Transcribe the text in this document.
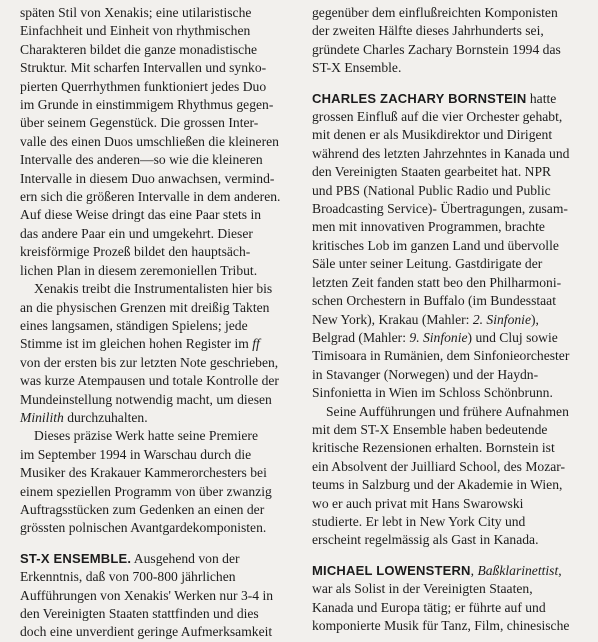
späten Stil von Xenakis; eine utilaristische
Einfachheit und Einheit von rhythmischen
Charakteren bildet die ganze monadistische
Struktur. Mit scharfen Intervallen und synko-
pierten Querrhythmen funktioniert jedes Duo
im Grunde in einstimmigem Rhythmus gegen-
über seinem Gegenstück. Die grossen Inter-
valle des einen Duos umschließen die kleineren
Intervalle des anderen—so wie die kleineren
Intervalle in diesem Duo anwachsen, vermind-
ern sich die größeren Intervalle in dem anderen.
Auf diese Weise dringt das eine Paar stets in
das andere Paar ein und umgekehrt. Dieser
kreisförmige Prozeß bildet den hauptsäch-
lichen Plan in diesem zeremoniellen Tribut.

Xenakis treibt die Instrumentalisten hier bis
an die physischen Grenzen mit dreißig Takten
eines langsamen, ständigen Spielens; jede
Stimme ist im gleichen hohen Register im ff
von der ersten bis zur letzten Note geschrieben,
was kurze Atempausen und totale Kontrolle der
Mundeinstellung notwendig macht, um diesen
Minilith durchzuhalten.

Dieses präzise Werk hatte seine Premiere
im September 1994 in Warschau durch die
Musiker des Krakauer Kammerorchesters bei
einem speziellen Programm von über zwanzig
Auftragsstücken zum Gedenken an einen der
grössten polnischen Avantgardekomponisten.

ST-X ENSEMBLE. Ausgehend von der
Erkenntnis, daß von 700-800 jährlichen
Aufführungen von Xenakis' Werken nur 3-4 in
den Vereinigten Staaten stattfinden und dies
doch eine unverdient geringe Aufmerksamkeit

gegenüber dem einflußreichten Komponisten
der zweiten Hälfte dieses Jahrhunderts sei,
gründete Charles Zachary Bornstein 1994 das
ST-X Ensemble.

CHARLES ZACHARY BORNSTEIN hatte
grossen Einfluß auf die vier Orchester gehabt,
mit denen er als Musikdirektor und Dirigent
während des letzten Jahrzehntes in Kanada und
den Vereinigten Staaten gearbeitet hat. NPR
und PBS (National Public Radio und Public
Broadcasting Service)- Übertragungen, zusam-
men mit innovativen Programmen, brachte
kritisches Lob im ganzen Land und übervolle
Säle unter seiner Leitung. Gastdirigate der
letzten Zeit fanden statt beo den Philharmoni-
schen Orchestern in Buffalo (im Bundesstaat
New York), Krakau (Mahler: 2. Sinfonie),
Belgrad (Mahler: 9. Sinfonie) und Cluj sowie
Timisoara in Rumänien, dem Sinfonieorchester
in Stavanger (Norwegen) und der Haydn-
Sinfonietta in Wien im Schloss Schönbrunn.

Seine Aufführungen und frühere Aufnahmen
mit dem ST-X Ensemble haben bedeutende
kritische Rezensionen erhalten. Bornstein ist
ein Absolvent der Juilliard School, des Mozar-
teums in Salzburg und der Akademie in Wien,
wo er auch privat mit Hans Swarowski
studierte. Er lebt in New York City und
erscheint regelmässig als Gast in Kanada.

MICHAEL LOWENSTERN, Baßklarinettist,
war als Solist in der Vereinigten Staaten,
Kanada und Europa tätig; er führte auf und
komponierte Musik für Tanz, Film, chinesische
